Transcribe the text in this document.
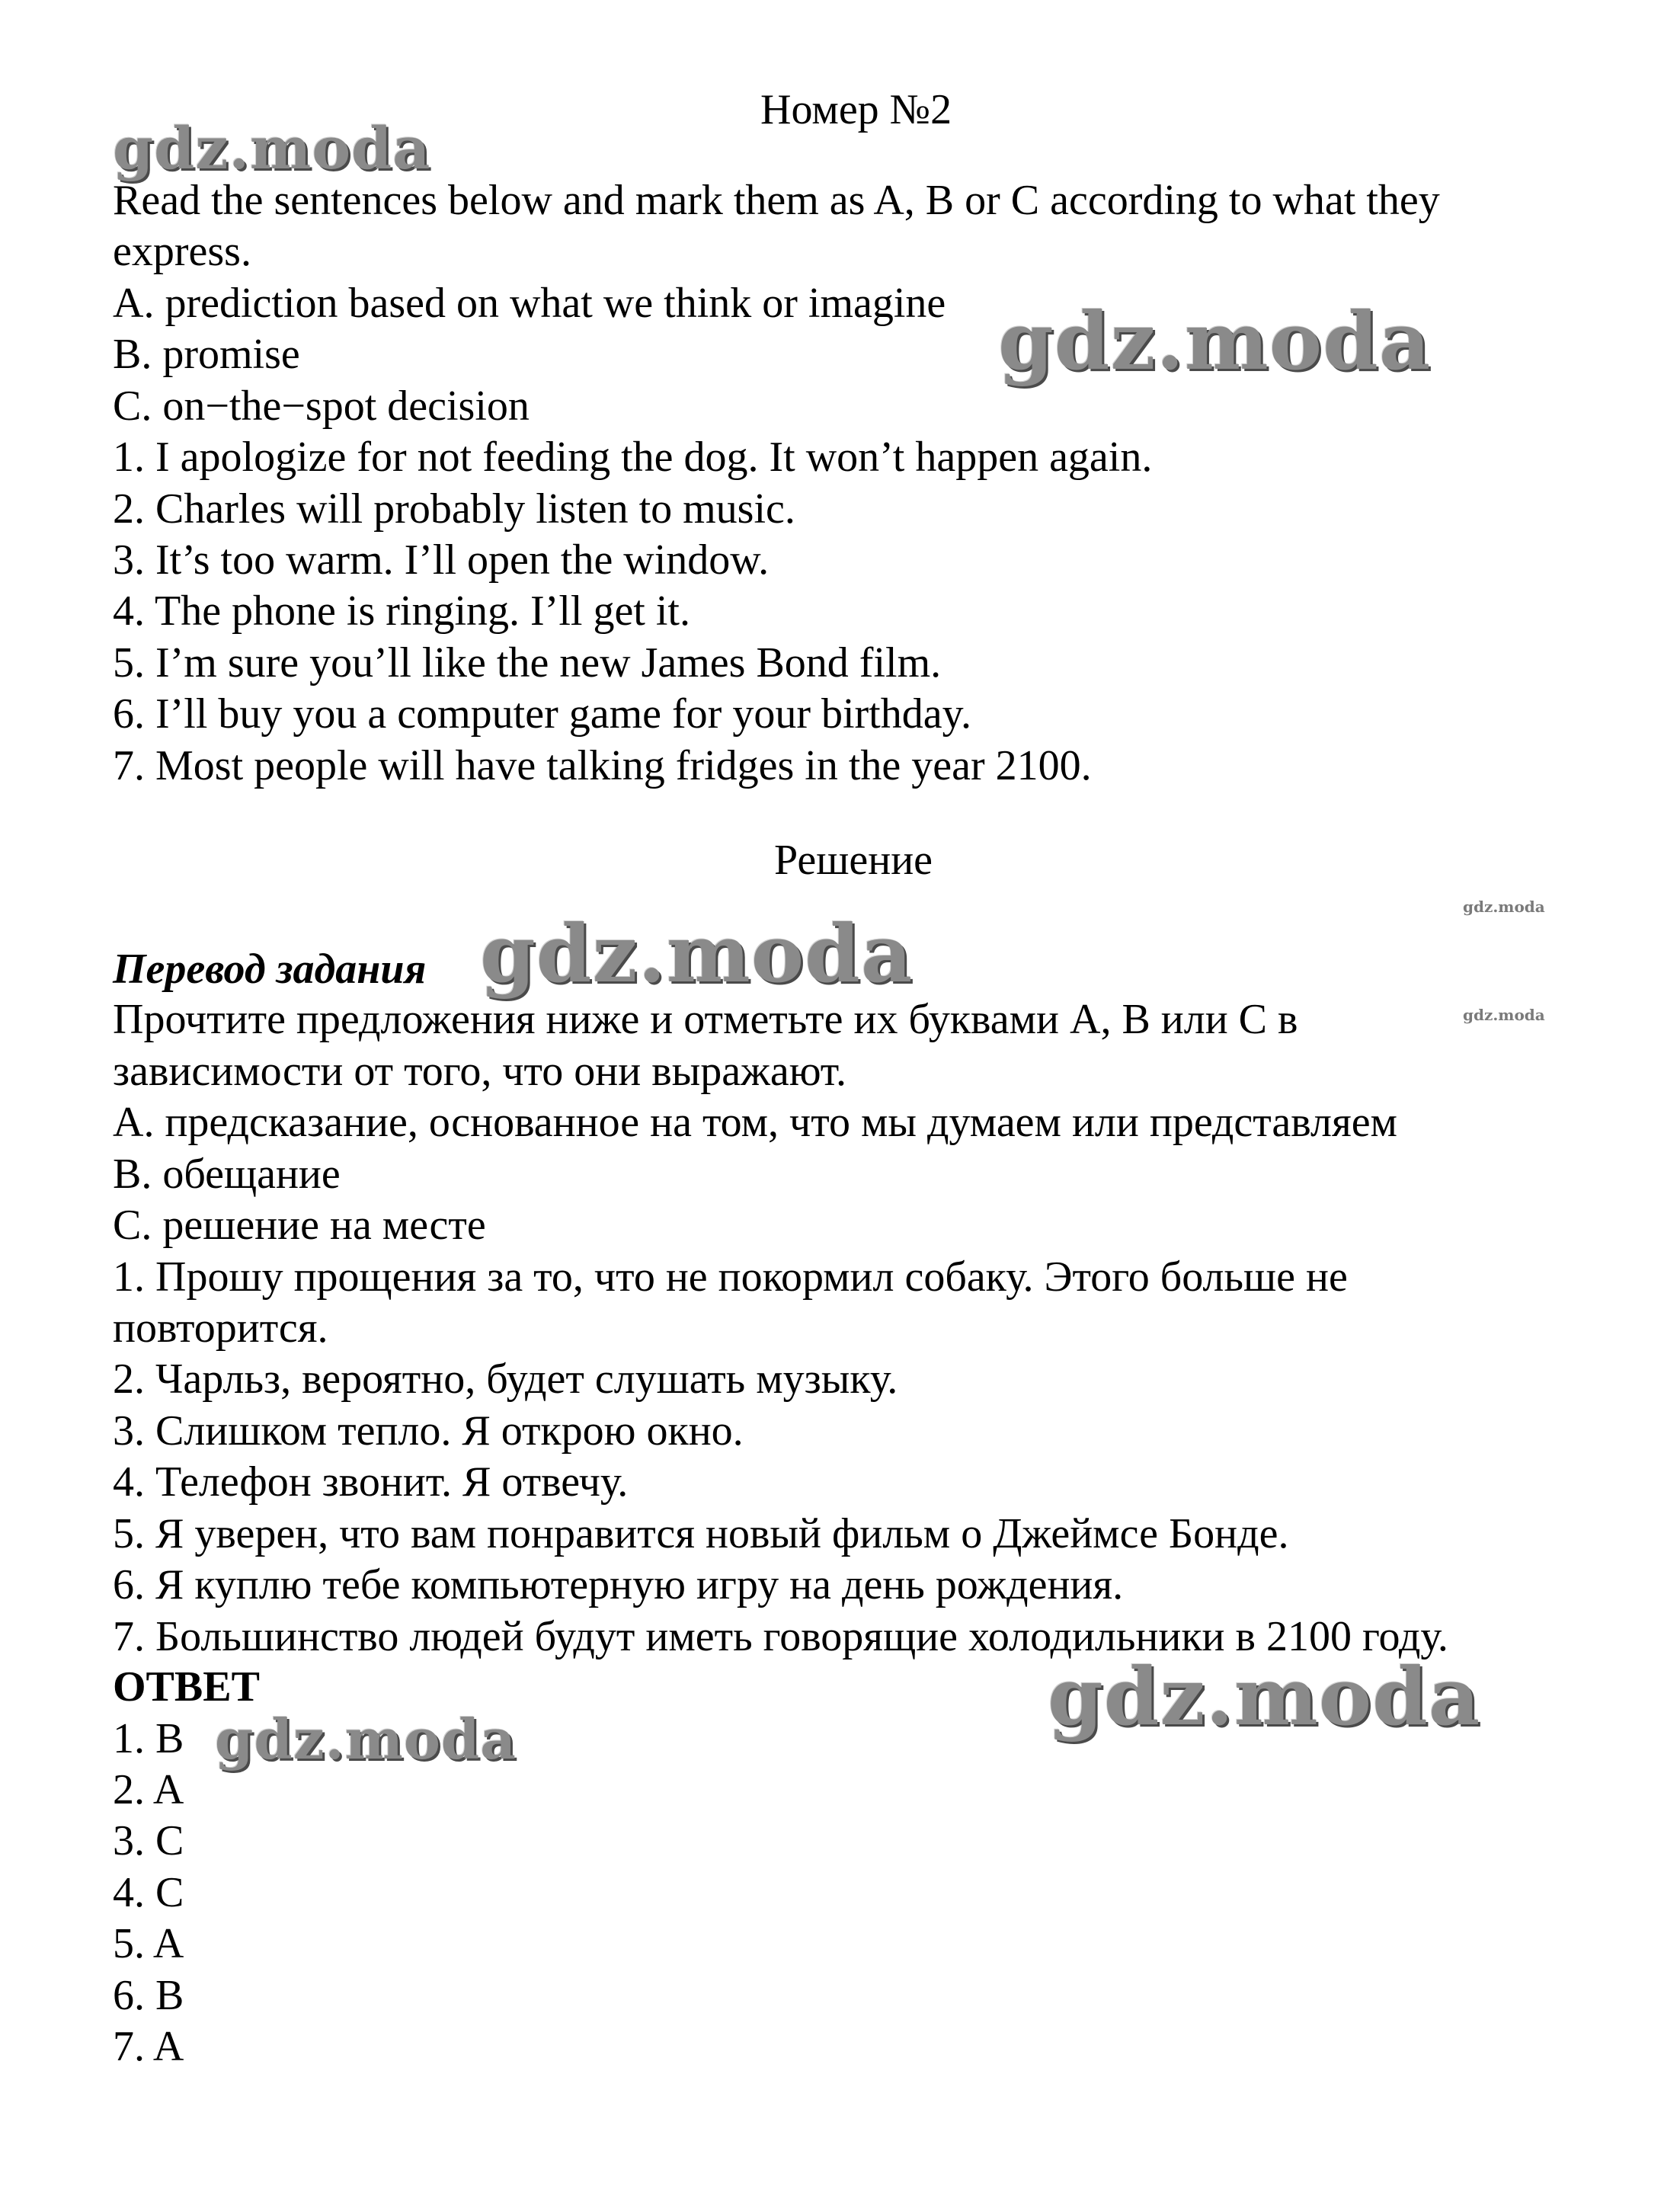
gdz.moda
gdz.moda
gdz.moda
gdz.moda
gdz.moda
gdz.moda
gdz.moda
Номер №2
Read the sentences below and mark them as A, B or C according to what they
express.
A. prediction based on what we think or imagine
B. promise
C. on−the−spot decision
1. I apologize for not feeding the dog. It won’t happen again.
2. Charles will probably listen to music.
3. It’s too warm. I’ll open the window.
4. The phone is ringing. I’ll get it.
5. I’m sure you’ll like the new James Bond film.
6. I’ll buy you a computer game for your birthday.
7. Most people will have talking fridges in the year 2100.
Решение
Перевод задания
Прочтите предложения ниже и отметьте их буквами A, B или C в
зависимости от того, что они выражают.
A. предсказание, основанное на том, что мы думаем или представляем
B. обещание
C. решение на месте
1. Прошу прощения за то, что не покормил собаку. Этого больше не
повторится.
2. Чарльз, вероятно, будет слушать музыку.
3. Слишком тепло. Я открою окно.
4. Телефон звонит. Я отвечу.
5. Я уверен, что вам понравится новый фильм о Джеймсе Бонде.
6. Я куплю тебе компьютерную игру на день рождения.
7. Большинство людей будут иметь говорящие холодильники в 2100 году.
ОТВЕТ
1. B
2. A
3. C
4. C
5. A
6. B
7. A
